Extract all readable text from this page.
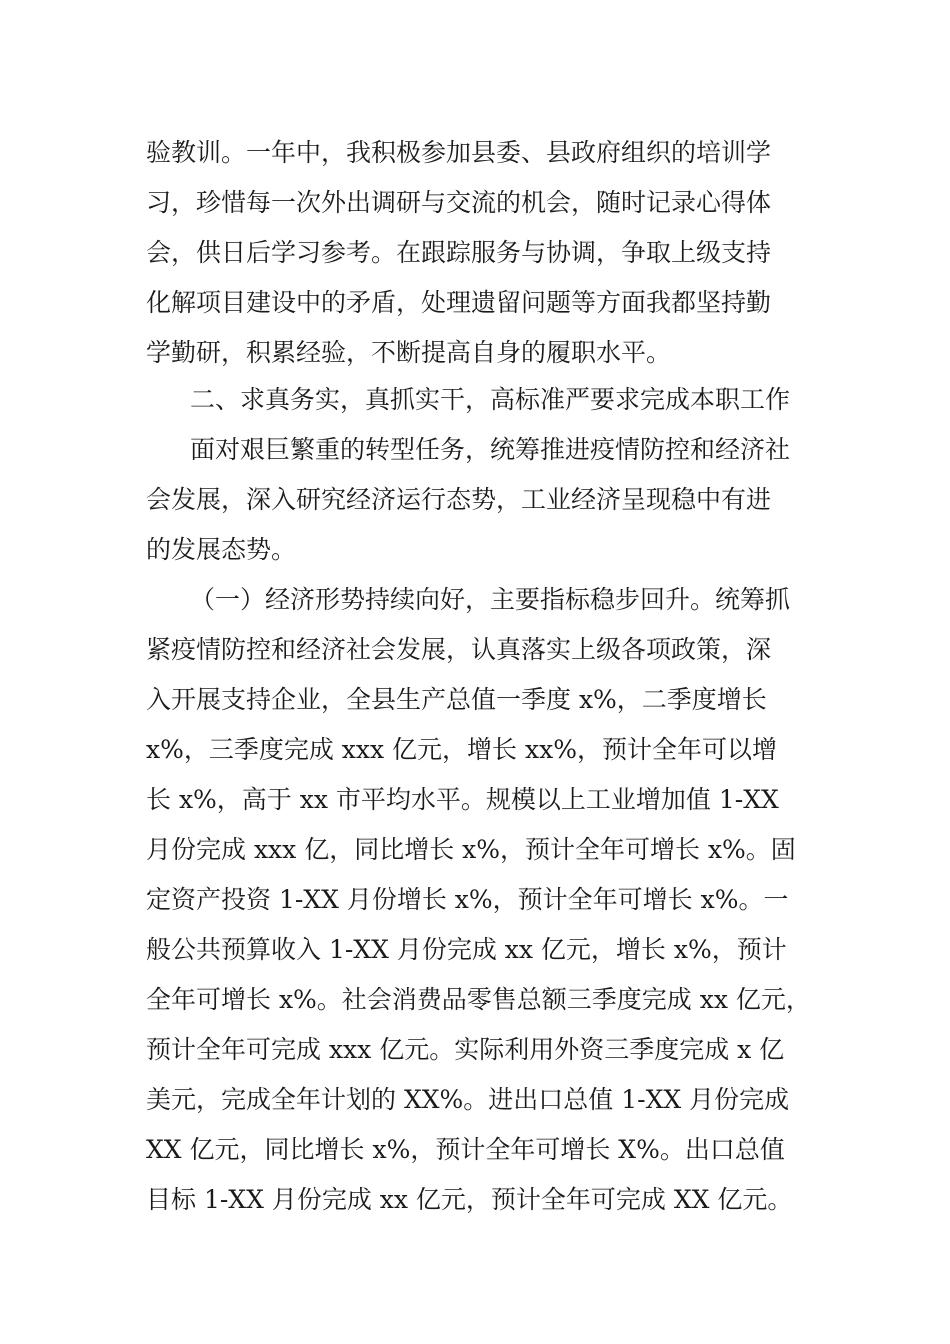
验教训。一年中，我积极参加县委、县政府组织的培训学
习，珍惜每一次外出调研与交流的机会，随时记录心得体
会，供日后学习参考。在跟踪服务与协调，争取上级支持
化解项目建设中的矛盾，处理遗留问题等方面我都坚持勤
学勤研，积累经验，不断提高自身的履职水平。
二、求真务实，真抓实干，高标准严要求完成本职工作
面对艰巨繁重的转型任务，统筹推进疫情防控和经济社
会发展，深入研究经济运行态势，工业经济呈现稳中有进
的发展态势。
（一）经济形势持续向好，主要指标稳步回升。统筹抓
紧疫情防控和经济社会发展，认真落实上级各项政策，深
入开展支持企业，全县生产总值一季度 x%，二季度增长
x%，三季度完成 xxx 亿元，增长 xx%，预计全年可以增
长 x%，高于 xx 市平均水平。规模以上工业增加值 1-XX
月份完成 xxx 亿，同比增长 x%，预计全年可增长 x%。固
定资产投资 1-XX 月份增长 x%，预计全年可增长 x%。一
般公共预算收入 1-XX 月份完成 xx 亿元，增长 x%，预计
全年可增长 x%。社会消费品零售总额三季度完成 xx 亿元，
预计全年可完成 xxx 亿元。实际利用外资三季度完成 x 亿
美元，完成全年计划的 XX%。进出口总值 1-XX 月份完成
XX 亿元，同比增长 x%，预计全年可增长 X%。出口总值
目标 1-XX 月份完成 xx 亿元，预计全年可完成 XX 亿元。
